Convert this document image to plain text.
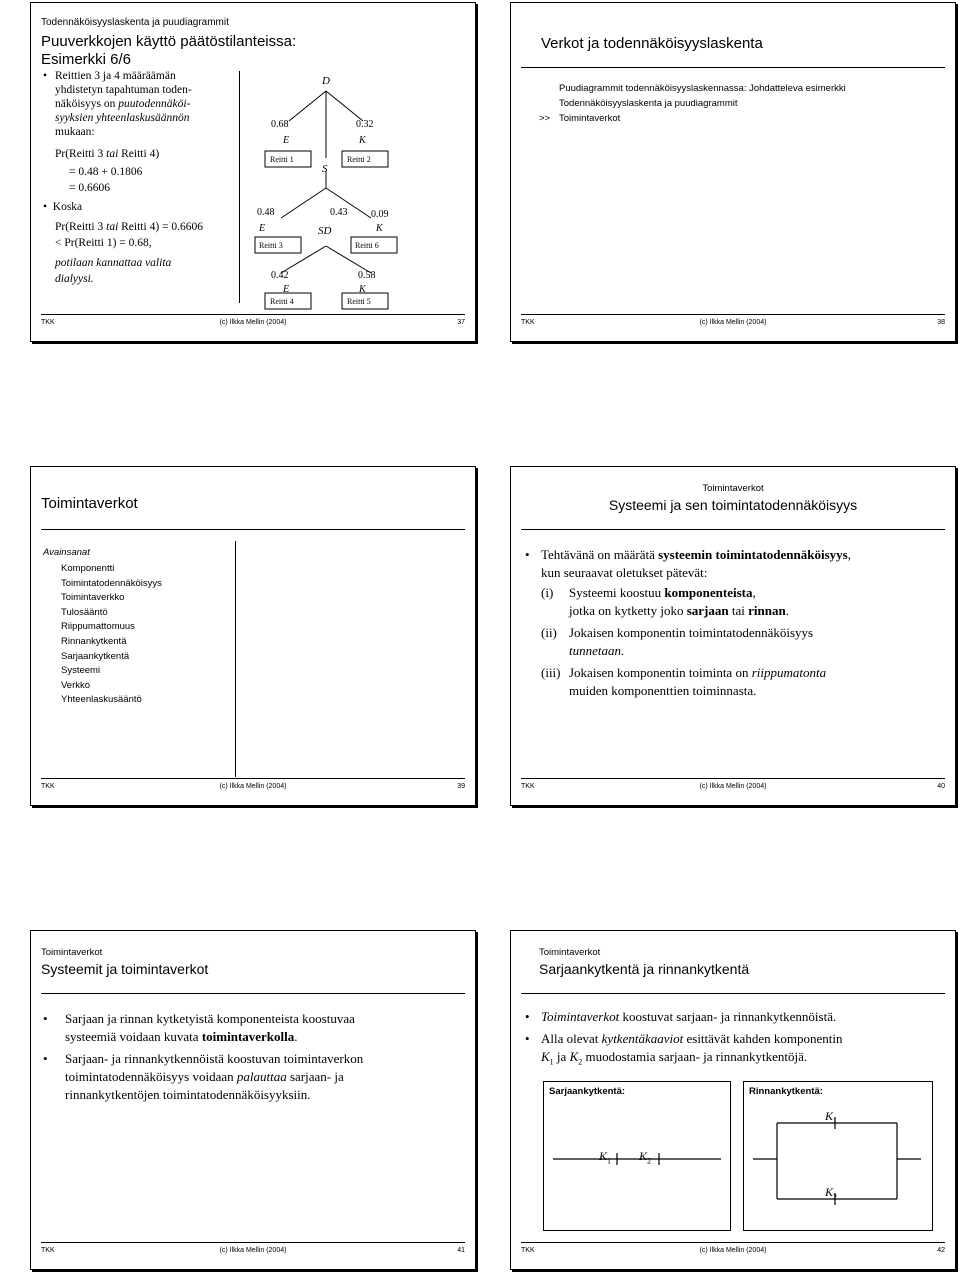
Todennäköisyyslaskenta ja puudiagrammit
Puuverkkojen käyttö päätöstilanteissa:
Esimerkki 6/6
• Reittien 3 ja 4 määräämän
yhdistetyn tapahtuman toden-
näköisyys on puutodennäköi-
syyksien yhteenlaskusäännön
mukaan:
Pr(Reitti 3 tai Reitti 4)
= 0.48 + 0.1806
= 0.6606
•  Koska
Pr(Reitti 3 tai Reitti 4) = 0.6606
< Pr(Reitti 1) = 0.68,
potilaan kannattaa valita
dialyysi.
D
S
SD
0.68	0.32
E	K
Reitti 1	Reitti 2
0.48	0.43 0.09
E	K
Reitti 3	Reitti 6
0.42	0.58
E	K
Reitti 4	Reitti 5
TKK	(c) Ilkka Mellin (2004)	37
Verkot ja todennäköisyyslaskenta
Puudiagrammit todennäköisyyslaskennassa: Johdatteleva esimerkki
Todennäköisyyslaskenta ja puudiagrammit
>> Toimintaverkot
TKK	(c) Ilkka Mellin (2004)	38
Toimintaverkot
Avainsanat
Komponentti
Toimintatodennäköisyys
Toimintaverkko
Tulosääntö
Riippumattomuus
Rinnankytkentä
Sarjaankytkentä
Systeemi
Verkko
Yhteenlaskusääntö
TKK	(c) Ilkka Mellin (2004)	39
Toimintaverkot
Systeemi ja sen toimintatodennäköisyys
• Tehtävänä on määrätä systeemin toimintatodennäköisyys,
kun seuraavat oletukset pätevät:
(i) Systeemi koostuu komponenteista,
jotka on kytketty joko sarjaan tai rinnan.
(ii) Jokaisen komponentin toimintatodennäköisyys
tunnetaan.
(iii) Jokaisen komponentin toiminta on riippumatonta
muiden komponenttien toiminnasta.
TKK	(c) Ilkka Mellin (2004)	40
Toimintaverkot
Systeemit ja toimintaverkot
• Sarjaan ja rinnan kytketyistä komponenteista koostuvaa
systeemiä voidaan kuvata toimintaverkolla.
• Sarjaan- ja rinnankytkennöistä koostuvan toimintaverkon
toimintatodennäköisyys voidaan palauttaa sarjaan- ja
rinnankytkentöjen toimintatodennäköisyyksiin.
TKK	(c) Ilkka Mellin (2004)	41
Toimintaverkot
Sarjaankytkentä ja rinnankytkentä
• Toimintaverkot koostuvat sarjaan- ja rinnankytkennöistä.
• Alla olevat kytkentäkaaviot esittävät kahden komponentin
$K_1$ ja $K_2$ muodostamia sarjaan- ja rinnankytkentöjä.
Sarjaankytkentä:
$K_1$ $K_2$
Rinnankytkentä:
$K_1$
$K_2$
TKK	(c) Ilkka Mellin (2004)	42
